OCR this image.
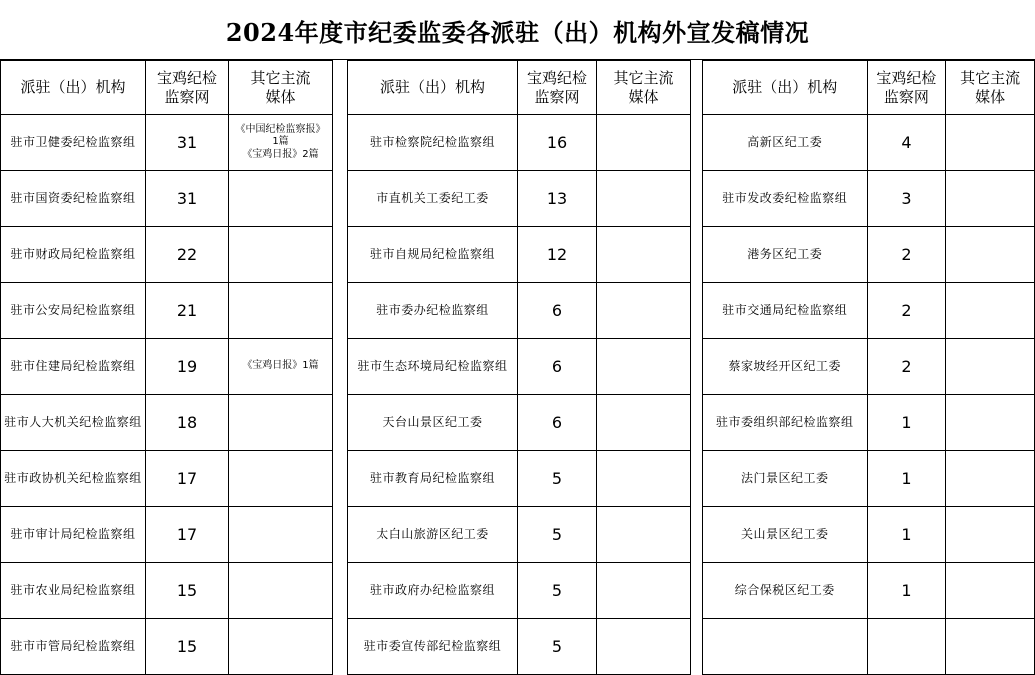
2024年度市纪委监委各派驻（出）机构外宣发稿情况
派驻（出）机构	宝鸡纪检
监察网	其它主流
媒体
驻市卫健委纪检监察组	31	《中国纪检监察报》
1篇
《宝鸡日报》2篇
驻市国资委纪检监察组	31	
驻市财政局纪检监察组	22	
驻市公安局纪检监察组	21	
驻市住建局纪检监察组	19	《宝鸡日报》1篇
驻市人大机关纪检监察组	18	
驻市政协机关纪检监察组	17	
驻市审计局纪检监察组	17	
驻市农业局纪检监察组	15	
驻市市管局纪检监察组	15	
派驻（出）机构	宝鸡纪检
监察网	其它主流
媒体
驻市检察院纪检监察组	16	
市直机关工委纪工委	13	
驻市自规局纪检监察组	12	
驻市委办纪检监察组	6	
驻市生态环境局纪检监察组	6	
天台山景区纪工委	6	
驻市教育局纪检监察组	5	
太白山旅游区纪工委	5	
驻市政府办纪检监察组	5	
驻市委宣传部纪检监察组	5	
派驻（出）机构	宝鸡纪检
监察网	其它主流
媒体
高新区纪工委	4	
驻市发改委纪检监察组	3	
港务区纪工委	2	
驻市交通局纪检监察组	2	
蔡家坡经开区纪工委	2	
驻市委组织部纪检监察组	1	
法门景区纪工委	1	
关山景区纪工委	1	
综合保税区纪工委	1	
